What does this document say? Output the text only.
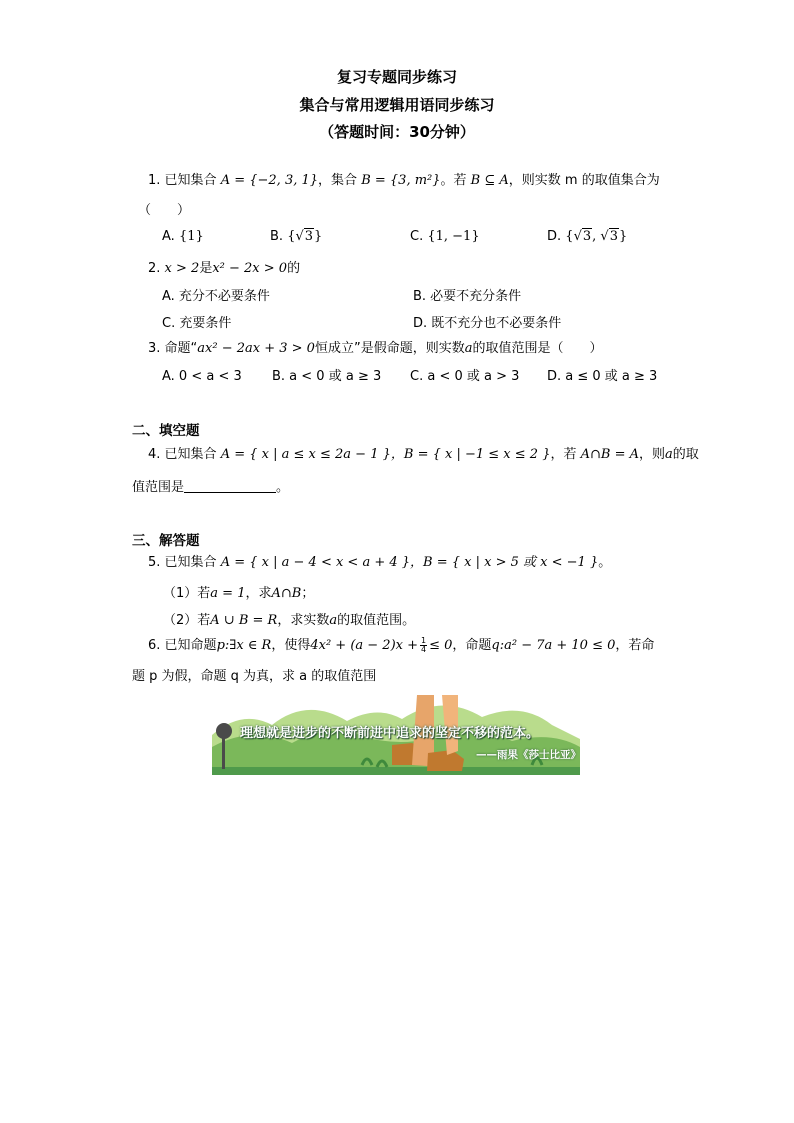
复习专题同步练习
集合与常用逻辑用语同步练习
（答题时间：30分钟）
1. 已知集合 A = {−2, 3, 1}，集合 B = {3, m²}。若 B ⊆ A，则实数 m 的取值集合为
（　　）
A. {1}	B. {√3}	C. {1, −1}	D. {√3, √3}
2. x > 2是x² − 2x > 0的
A. 充分不必要条件	B. 必要不充分条件
C. 充要条件	D. 既不充分也不必要条件
3. 命题“ax² − 2ax + 3 > 0恒成立”是假命题，则实数a的取值范围是（　　）
A. 0 < a < 3 B. a < 0 或 a ≥ 3 C. a < 0 或 a > 3 D. a ≤ 0 或 a ≥ 3
二、填空题
4. 已知集合 A = { x | a ≤ x ≤ 2a − 1 }，B = { x | −1 ≤ x ≤ 2 }，若 A∩B = A，则a的取
值范围是	。
三、解答题
5. 已知集合 A = { x | a − 4 < x < a + 4 }，B = { x | x > 5 或 x < −1 }。
（1）若a = 1，求A∩B；
（2）若A ∪ B = R，求实数a的取值范围。
6. 已知命题p:∃x ∈ R，使得$4x^2 + (a - 2)x + \frac{1}{4} \le 0$，命题q:a² − 7a + 10 ≤ 0，若命
题 p 为假，命题 q 为真，求 a 的取值范围
理想就是进步的不断前进中追求的坚定不移的范本。
——雨果《莎士比亚》
